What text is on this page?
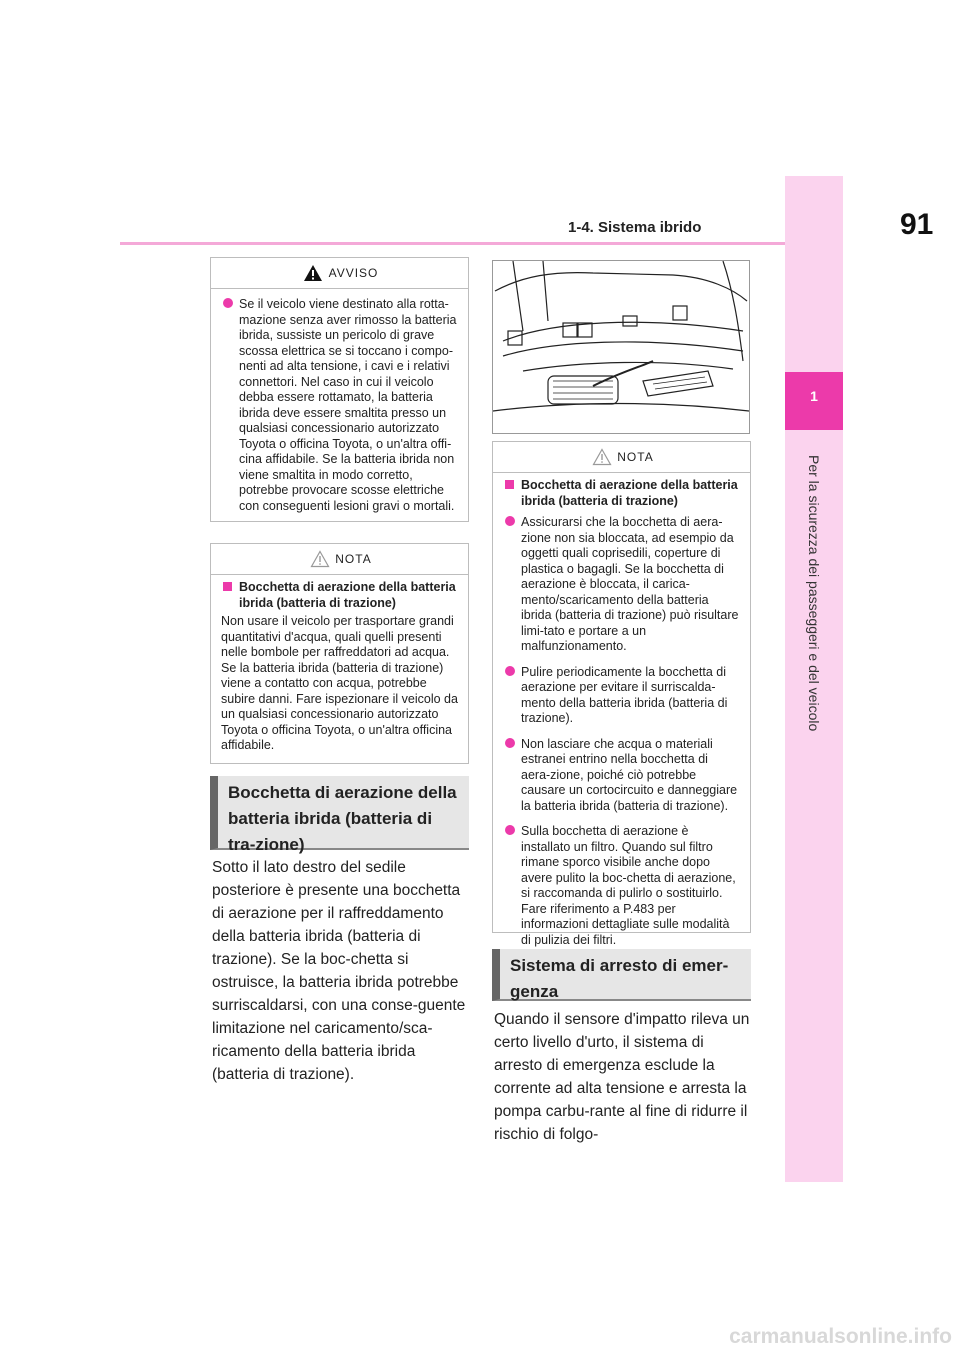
91
1-4. Sistema ibrido
1
Per la sicurezza dei passeggeri e del veicolo
AVVISO
Se il veicolo viene destinato alla rotta-mazione senza aver rimosso la batteria ibrida, sussiste un pericolo di grave scossa elettrica se si toccano i compo-nenti ad alta tensione, i cavi e i relativi connettori. Nel caso in cui il veicolo debba essere rottamato, la batteria ibrida deve essere smaltita presso un qualsiasi concessionario autorizzato Toyota o officina Toyota, o un'altra offi-cina affidabile. Se la batteria ibrida non viene smaltita in modo corretto, potrebbe provocare scosse elettriche con conseguenti lesioni gravi o mortali.
NOTA
Bocchetta di aerazione della batteria ibrida (batteria di trazione)
Non usare il veicolo per trasportare grandi quantitativi d'acqua, quali quelli presenti nelle bombole per raffreddatori ad acqua. Se la batteria ibrida (batteria di trazione) viene a contatto con acqua, potrebbe subire danni. Fare ispezionare il veicolo da un qualsiasi concessionario autorizzato Toyota o officina Toyota, o un'altra officina affidabile.
Bocchetta di aerazione della batteria ibrida (batteria di tra-zione)
Sotto il lato destro del sedile posteriore è presente una bocchetta di aerazione per il raffreddamento della batteria ibrida (batteria di trazione). Se la boc-chetta si ostruisce, la batteria ibrida potrebbe surriscaldarsi, con una conse-guente limitazione nel caricamento/sca-ricamento della batteria ibrida (batteria di trazione).
NOTA
Bocchetta di aerazione della batteria ibrida (batteria di trazione)
Assicurarsi che la bocchetta di aera-zione non sia bloccata, ad esempio da oggetti quali coprisedili, coperture di plastica o bagagli. Se la bocchetta di aerazione è bloccata, il carica-mento/scaricamento della batteria ibrida (batteria di trazione) può risultare limi-tato e portare a un malfunzionamento.
Pulire periodicamente la bocchetta di aerazione per evitare il surriscalda-mento della batteria ibrida (batteria di trazione).
Non lasciare che acqua o materiali estranei entrino nella bocchetta di aera-zione, poiché ciò potrebbe causare un cortocircuito e danneggiare la batteria ibrida (batteria di trazione).
Sulla bocchetta di aerazione è installato un filtro. Quando sul filtro rimane sporco visibile anche dopo avere pulito la boc-chetta di aerazione, si raccomanda di pulirlo o sostituirlo. Fare riferimento a P.483 per informazioni dettagliate sulle modalità di pulizia dei filtri.
Sistema di arresto di emer-genza
Quando il sensore d'impatto rileva un certo livello d'urto, il sistema di arresto di emergenza esclude la corrente ad alta tensione e arresta la pompa carbu-rante al fine di ridurre il rischio di folgo-
carmanualsonline.info
